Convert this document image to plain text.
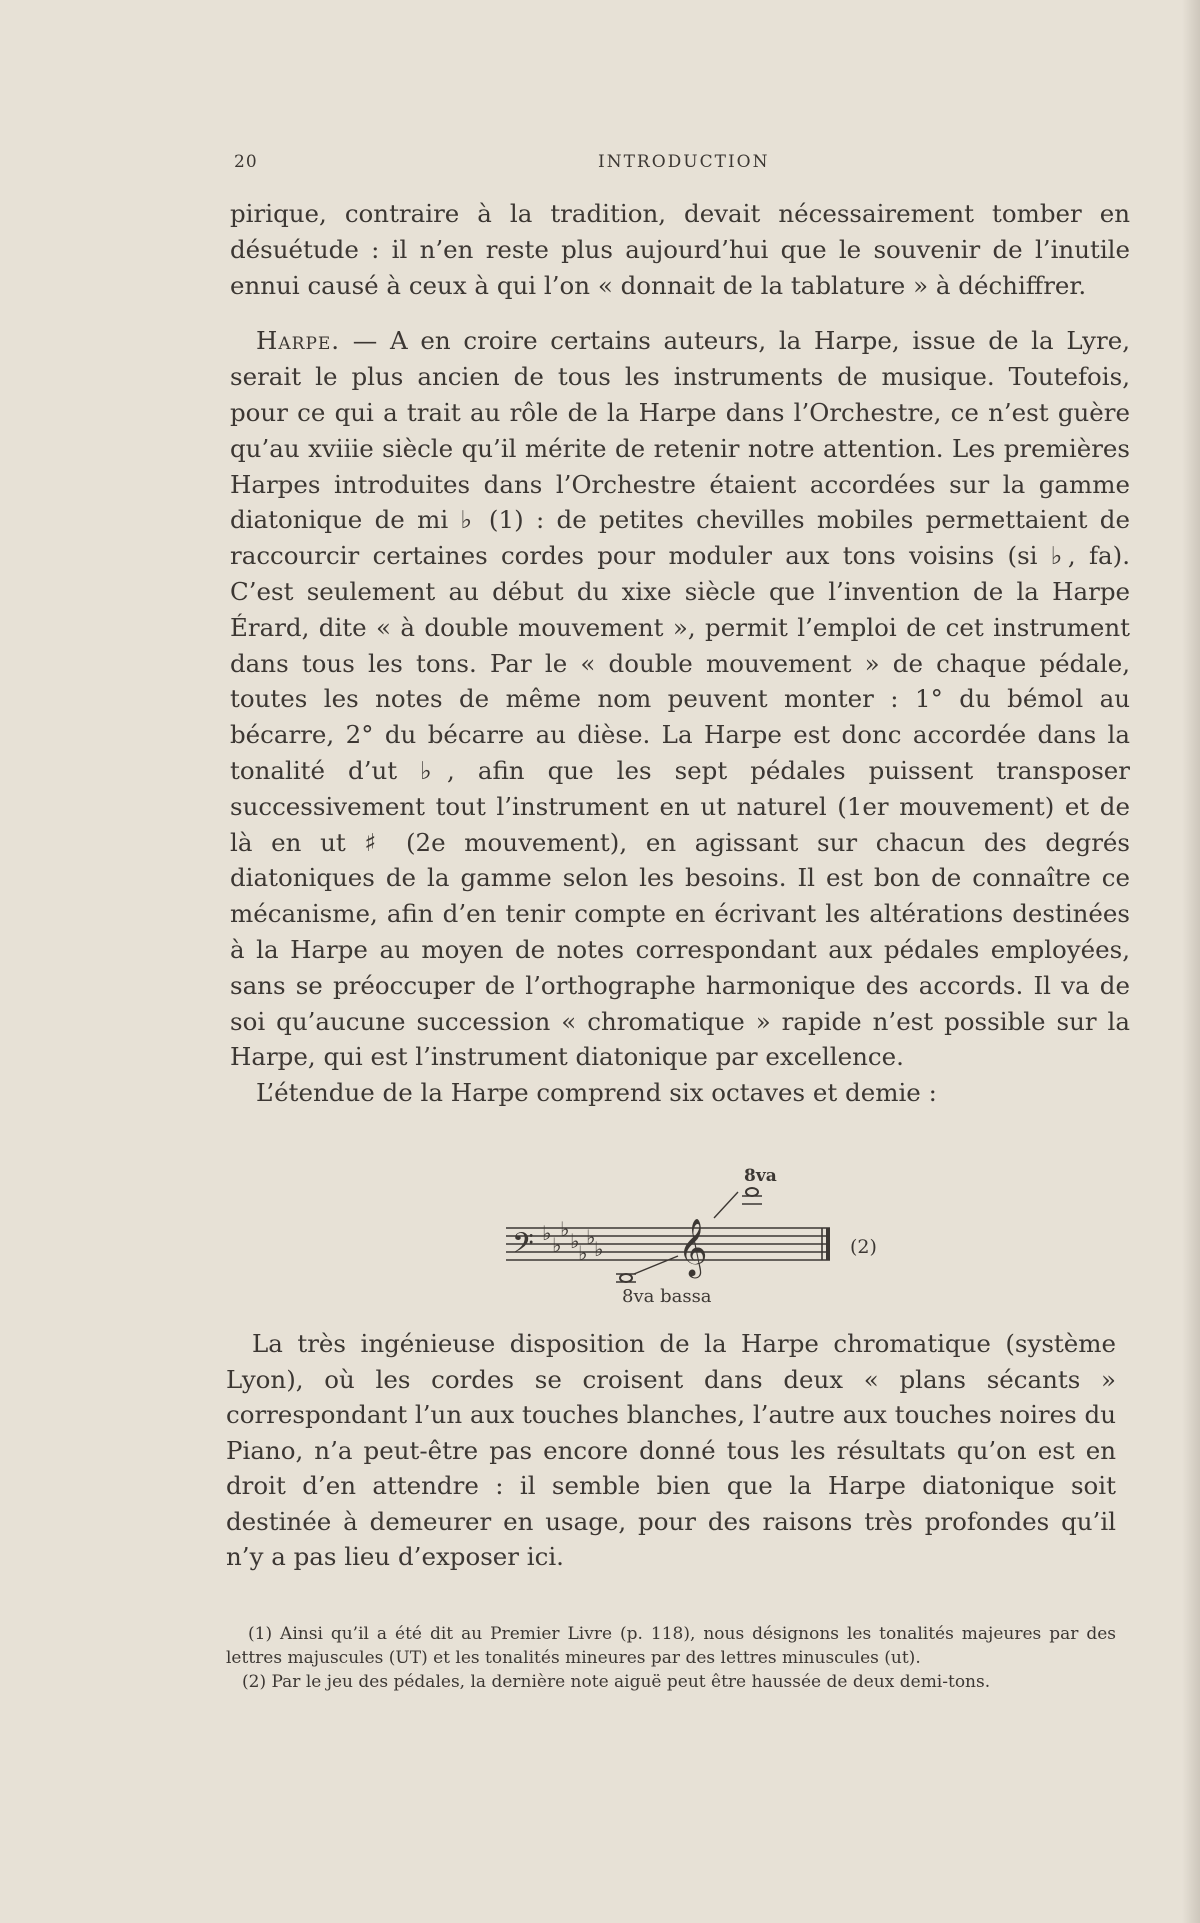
20	INTRODUCTION

pirique, contraire à la tradition, devait nécessairement tomber en désuétude : il n’en reste plus aujourd’hui que le souvenir de l’inutile ennui causé à ceux à qui l’on « donnait de la tablature » à déchiffrer.

Harpe. — A en croire certains auteurs, la Harpe, issue de la Lyre, serait le plus ancien de tous les instruments de musique. Toutefois, pour ce qui a trait au rôle de la Harpe dans l’Orchestre, ce n’est guère qu’au xviiie siècle qu’il mérite de retenir notre attention. Les premières Harpes introduites dans l’Orchestre étaient accordées sur la gamme diatonique de mi ♭ (1) : de petites chevilles mobiles permettaient de raccourcir certaines cordes pour moduler aux tons voisins (si ♭, fa). C’est seulement au début du xixe siècle que l’invention de la Harpe Érard, dite « à double mouvement », permit l’emploi de cet instrument dans tous les tons. Par le « double mouvement » de chaque pédale, toutes les notes de même nom peuvent monter : 1° du bémol au bécarre, 2° du bécarre au dièse. La Harpe est donc accordée dans la tonalité d’ut ♭, afin que les sept pédales puissent transposer successivement tout l’instrument en ut naturel (1er mouvement) et de là en ut ♯ (2e mouvement), en agissant sur chacun des degrés diatoniques de la gamme selon les besoins. Il est bon de connaître ce mécanisme, afin d’en tenir compte en écrivant les altérations destinées à la Harpe au moyen de notes correspondant aux pédales employées, sans se préoccuper de l’orthographe harmonique des accords. Il va de soi qu’aucune succession « chromatique » rapide n’est possible sur la Harpe, qui est l’instrument diatonique par excellence.

L’étendue de la Harpe comprend six octaves et demie :

8va
𝄢 ♭ ♭
♭ ♭
♭
♭
♭ 𝄞
8va bassa
(2)

La très ingénieuse disposition de la Harpe chromatique (système Lyon), où les cordes se croisent dans deux « plans sécants » correspondant l’un aux touches blanches, l’autre aux touches noires du Piano, n’a peut-être pas encore donné tous les résultats qu’on est en droit d’en attendre : il semble bien que la Harpe diatonique soit destinée à demeurer en usage, pour des raisons très profondes qu’il n’y a pas lieu d’exposer ici.

(1) Ainsi qu’il a été dit au Premier Livre (p. 118), nous désignons les tonalités majeures par des lettres majuscules (UT) et les tonalités mineures par des lettres minuscules (ut).

(2) Par le jeu des pédales, la dernière note aiguë peut être haussée de deux demi-tons.
